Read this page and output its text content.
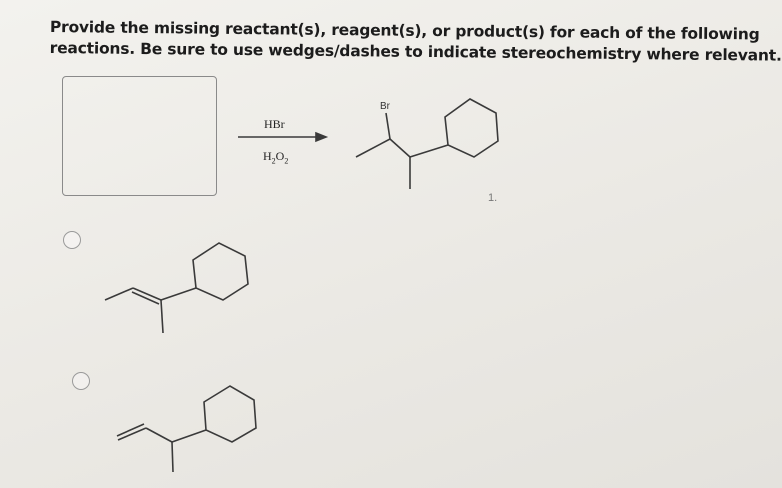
Provide the missing reactant(s), reagent(s), or product(s) for each of the following
reactions. Be sure to use wedges/dashes to indicate stereochemistry where relevant.
HBr
$H_2O_2$
Br
1.
